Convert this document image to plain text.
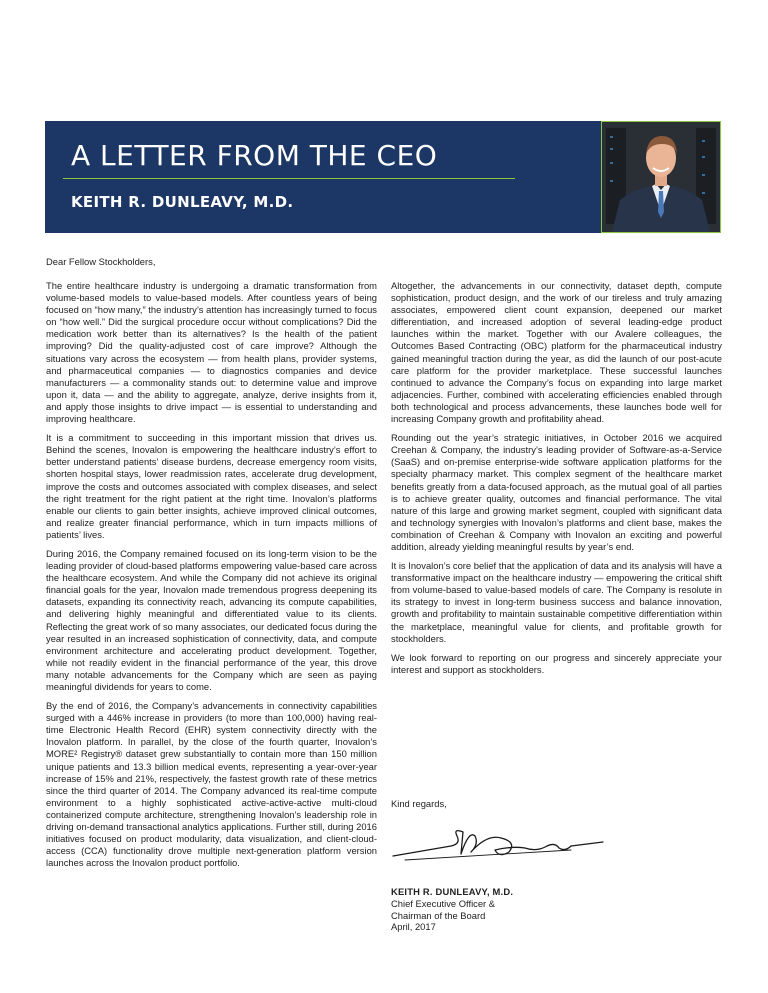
A LETTER FROM THE CEO
KEITH R. DUNLEAVY, M.D.
Dear Fellow Stockholders,

The entire healthcare industry is undergoing a dramatic transformation from volume-based models to value-based models. After countless years of being focused on “how many,” the industry’s attention has increasingly turned to focus on “how well.” Did the surgical procedure occur without complications? Did the medication work better than its alternatives? Is the health of the patient improving? Did the quality-adjusted cost of care improve? Although the situations vary across the ecosystem — from health plans, provider systems, and pharmaceutical companies — to diagnostics companies and device manufacturers — a commonality stands out: to determine value and improve upon it, data — and the ability to aggregate, analyze, derive insights from it, and apply those insights to drive impact — is essential to understanding and improving healthcare.

It is a commitment to succeeding in this important mission that drives us. Behind the scenes, Inovalon is empowering the healthcare industry’s effort to better understand patients’ disease burdens, decrease emergency room visits, shorten hospital stays, lower readmission rates, accelerate drug development, improve the costs and outcomes associated with complex diseases, and select the right treatment for the right patient at the right time. Inovalon’s platforms enable our clients to gain better insights, achieve improved clinical outcomes, and realize greater financial performance, which in turn impacts millions of patients’ lives.

During 2016, the Company remained focused on its long-term vision to be the leading provider of cloud-based platforms empowering value-based care across the healthcare ecosystem. And while the Company did not achieve its original financial goals for the year, Inovalon made tremendous progress deepening its datasets, expanding its connectivity reach, advancing its compute capabilities, and delivering highly meaningful and differentiated value to its clients. Reflecting the great work of so many associates, our dedicated focus during the year resulted in an increased sophistication of connectivity, data, and compute environment architecture and accelerating product development. Together, while not readily evident in the financial performance of the year, this drove many notable advancements for the Company which are seen as paying meaningful dividends for years to come.

By the end of 2016, the Company’s advancements in connectivity capabilities surged with a 446% increase in providers (to more than 100,000) having real-time Electronic Health Record (EHR) system connectivity directly with the Inovalon platform. In parallel, by the close of the fourth quarter, Inovalon’s MORE² Registry® dataset grew substantially to contain more than 150 million unique patients and 13.3 billion medical events, representing a year-over-year increase of 15% and 21%, respectively, the fastest growth rate of these metrics since the third quarter of 2014. The Company advanced its real-time compute environment to a highly sophisticated active-active-active multi-cloud containerized compute architecture, strengthening Inovalon’s leadership role in driving on-demand transactional analytics applications. Further still, during 2016 initiatives focused on product modularity, data visualization, and client-cloud-access (CCA) functionality drove multiple next-generation platform version launches across the Inovalon product portfolio.

Altogether, the advancements in our connectivity, dataset depth, compute sophistication, product design, and the work of our tireless and truly amazing associates, empowered client count expansion, deepened our market differentiation, and increased adoption of several leading-edge product launches within the market. Together with our Avalere colleagues, the Outcomes Based Contracting (OBC) platform for the pharmaceutical industry gained meaningful traction during the year, as did the launch of our post-acute care platform for the provider marketplace. These successful launches continued to advance the Company’s focus on expanding into large market adjacencies. Further, combined with accelerating efficiencies enabled through both technological and process advancements, these launches bode well for increasing Company growth and profitability ahead.

Rounding out the year’s strategic initiatives, in October 2016 we acquired Creehan & Company, the industry’s leading provider of Software-as-a-Service (SaaS) and on-premise enterprise-wide software application platforms for the specialty pharmacy market. This complex segment of the healthcare market benefits greatly from a data-focused approach, as the mutual goal of all parties is to achieve greater quality, outcomes and financial performance. The vital nature of this large and growing market segment, coupled with significant data and technology synergies with Inovalon’s platforms and client base, makes the combination of Creehan & Company with Inovalon an exciting and powerful addition, already yielding meaningful results by year’s end.

It is Inovalon’s core belief that the application of data and its analysis will have a transformative impact on the healthcare industry — empowering the critical shift from volume-based to value-based models of care. The Company is resolute in its strategy to invest in long-term business success and balance innovation, growth and profitability to maintain sustainable competitive differentiation within the marketplace, meaningful value for clients, and profitable growth for stockholders.

We look forward to reporting on our progress and sincerely appreciate your interest and support as stockholders.

Kind regards,
KEITH R. DUNLEAVY, M.D.
Chief Executive Officer &
Chairman of the Board
April, 2017
